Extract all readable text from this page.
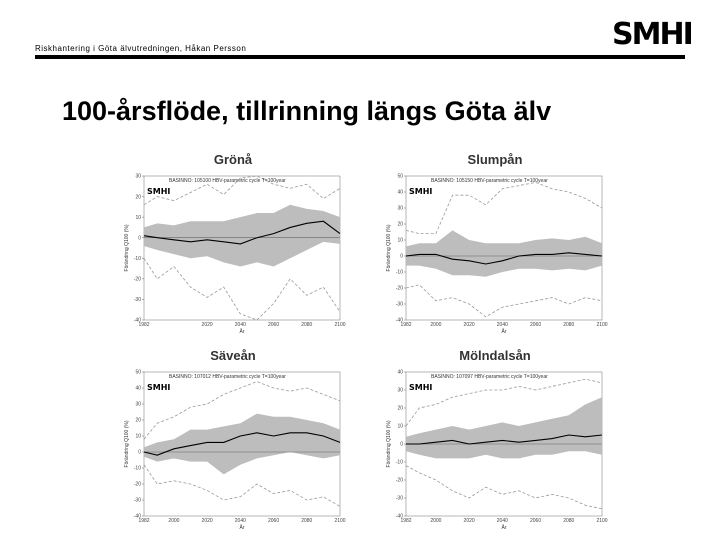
Riskhantering i Göta älvutredningen, Håkan Persson	SMHI
100-årsflöde, tillrinning längs Göta älv
Grönå
30
20
10
0
-10
-20
-30
-40
1982	2020	2040	2060	2080	2100
År
Förändring Q100 (%)
BASINNO: 105100 HBV-parametric cycle T=100year
SMHI
Slumpån
50
40
30
20
10
0
-10
-20
-30
-40
1982	2000	2020	2040	2060	2080	2100
År
Förändring Q100 (%)
BASINNO: 105150 HBV-parametric cycle T=100year
SMHI
Säveån
50
40
30
20
10
0
-10
-20
-30
-40
1982	2000	2020	2040	2060	2080	2100
År
Förändring Q100 (%)
BASINNO: 107012 HBV-parametric cycle T=100year
SMHI
Mölndalsån
40
30
20
10
0
-10
-20
-30
-40
1982	2000	2020	2040	2060	2080	2100
År
Förändring Q100 (%)
BASINNO: 107097 HBV-parametric cycle T=100year
SMHI
